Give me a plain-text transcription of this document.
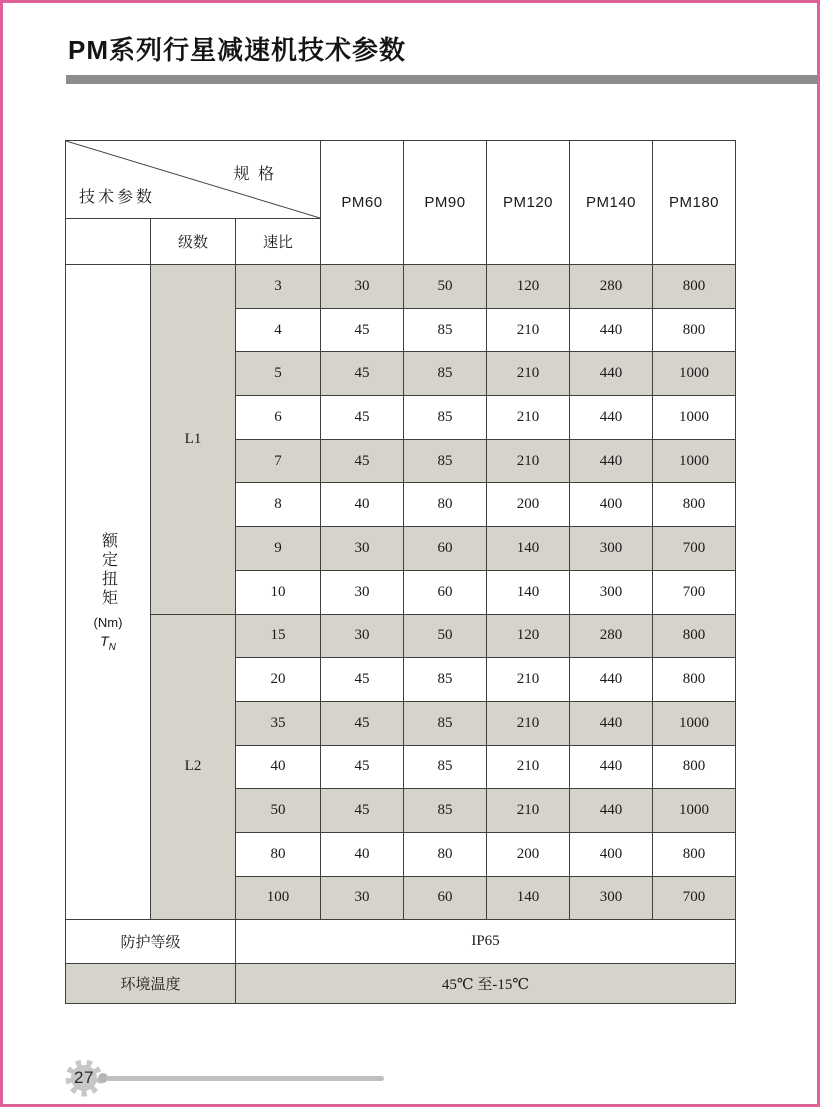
PM系列行星减速机技术参数
规 格
技术参数			PM60	PM90	PM120	PM140	PM180
	级数	速比					

额定扭矩
(Nm)
$T_N$	L1	3	30	50	120	280	800
		4	45	85	210	440	800
		5	45	85	210	440	1000
		6	45	85	210	440	1000
		7	45	85	210	440	1000
		8	40	80	200	400	800
		9	30	60	140	300	700
		10	30	60	140	300	700
	L2	15	30	50	120	280	800
		20	45	85	210	440	800
		35	45	85	210	440	1000
		40	45	85	210	440	800
		50	45	85	210	440	1000
		80	40	80	200	400	800
		100	30	60	140	300	700
防护等级		IP65					
环境温度		45℃ 至-15℃					
27
